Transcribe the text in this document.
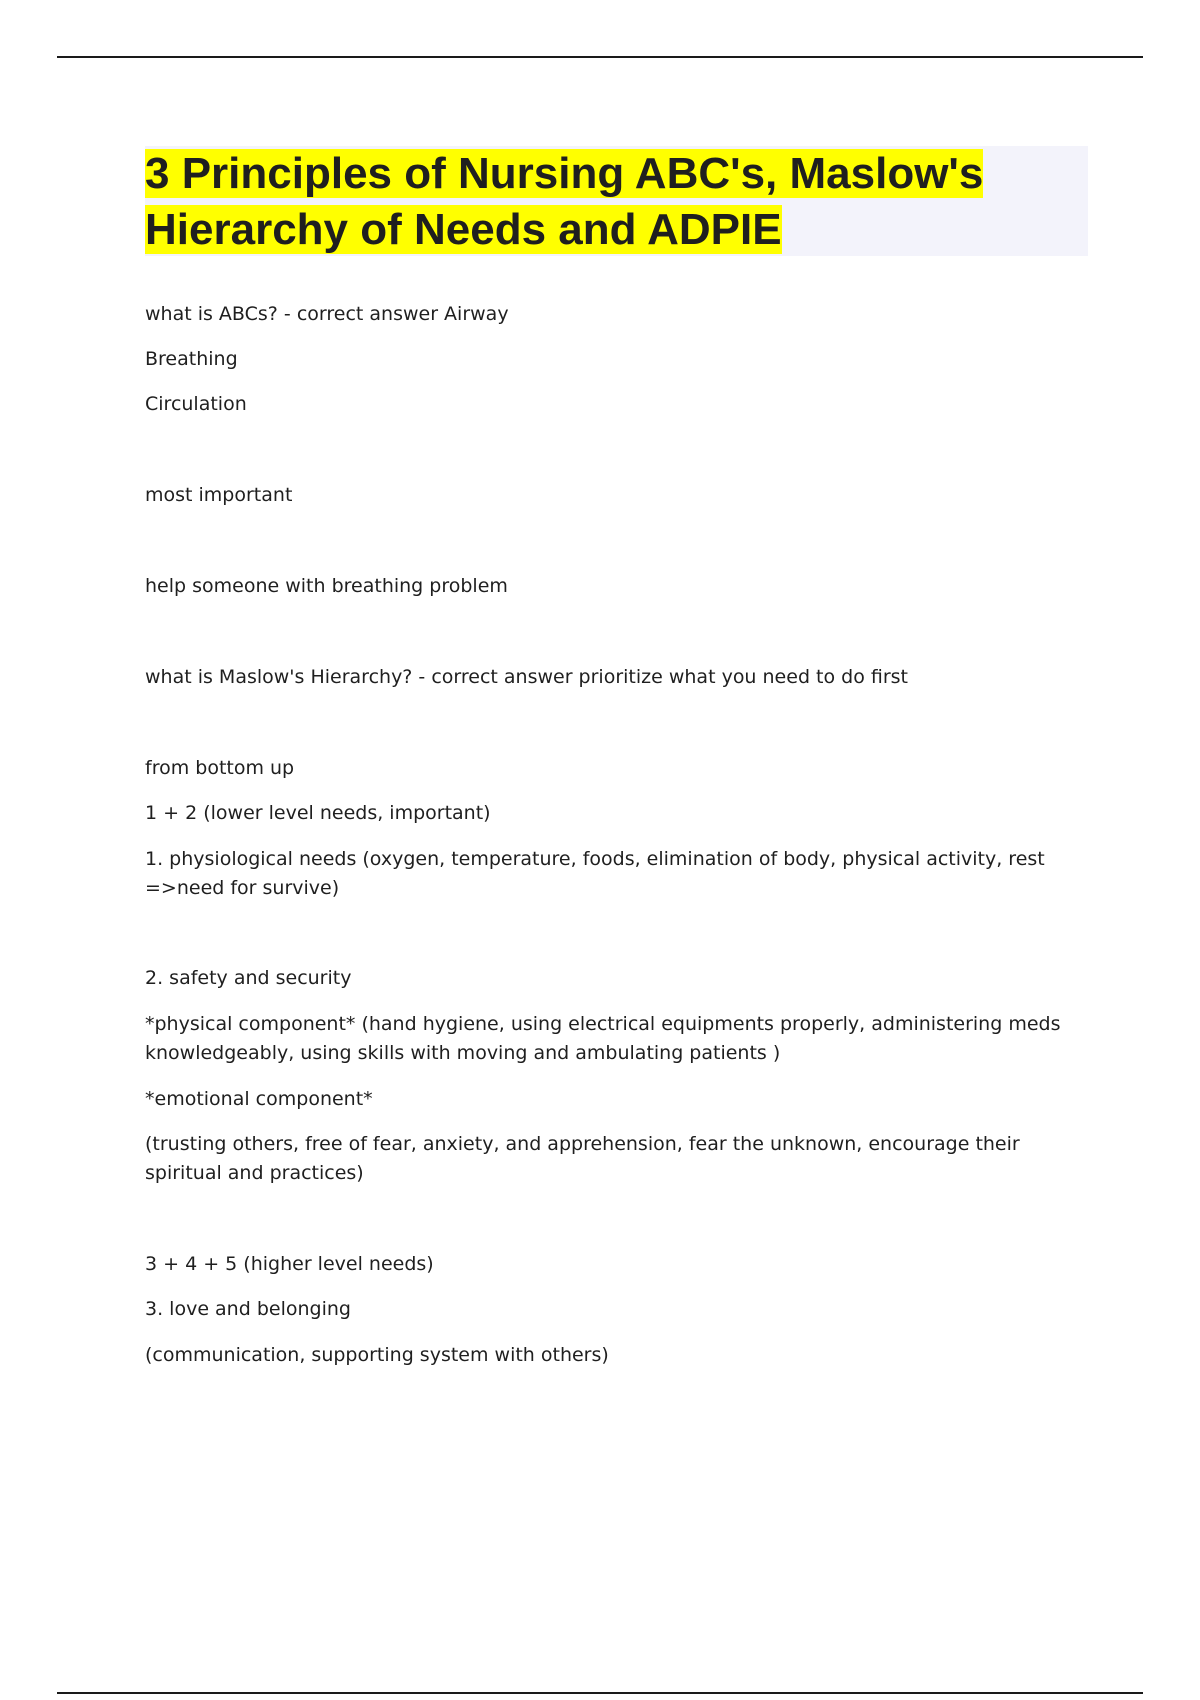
3 Principles of Nursing ABC's, Maslow's Hierarchy of Needs and ADPIE

what is ABCs? - correct answer Airway

Breathing

Circulation

most important

help someone with breathing problem

what is Maslow's Hierarchy? - correct answer prioritize what you need to do first

from bottom up

1 + 2 (lower level needs, important)

1. physiological needs (oxygen, temperature, foods, elimination of body, physical activity, rest =>need for survive)

2. safety and security

*physical component* (hand hygiene, using electrical equipments properly, administering meds knowledgeably, using skills with moving and ambulating patients )

*emotional component*

(trusting others, free of fear, anxiety, and apprehension, fear the unknown, encourage their spiritual and practices)

3 + 4 + 5 (higher level needs)

3. love and belonging

(communication, supporting system with others)
